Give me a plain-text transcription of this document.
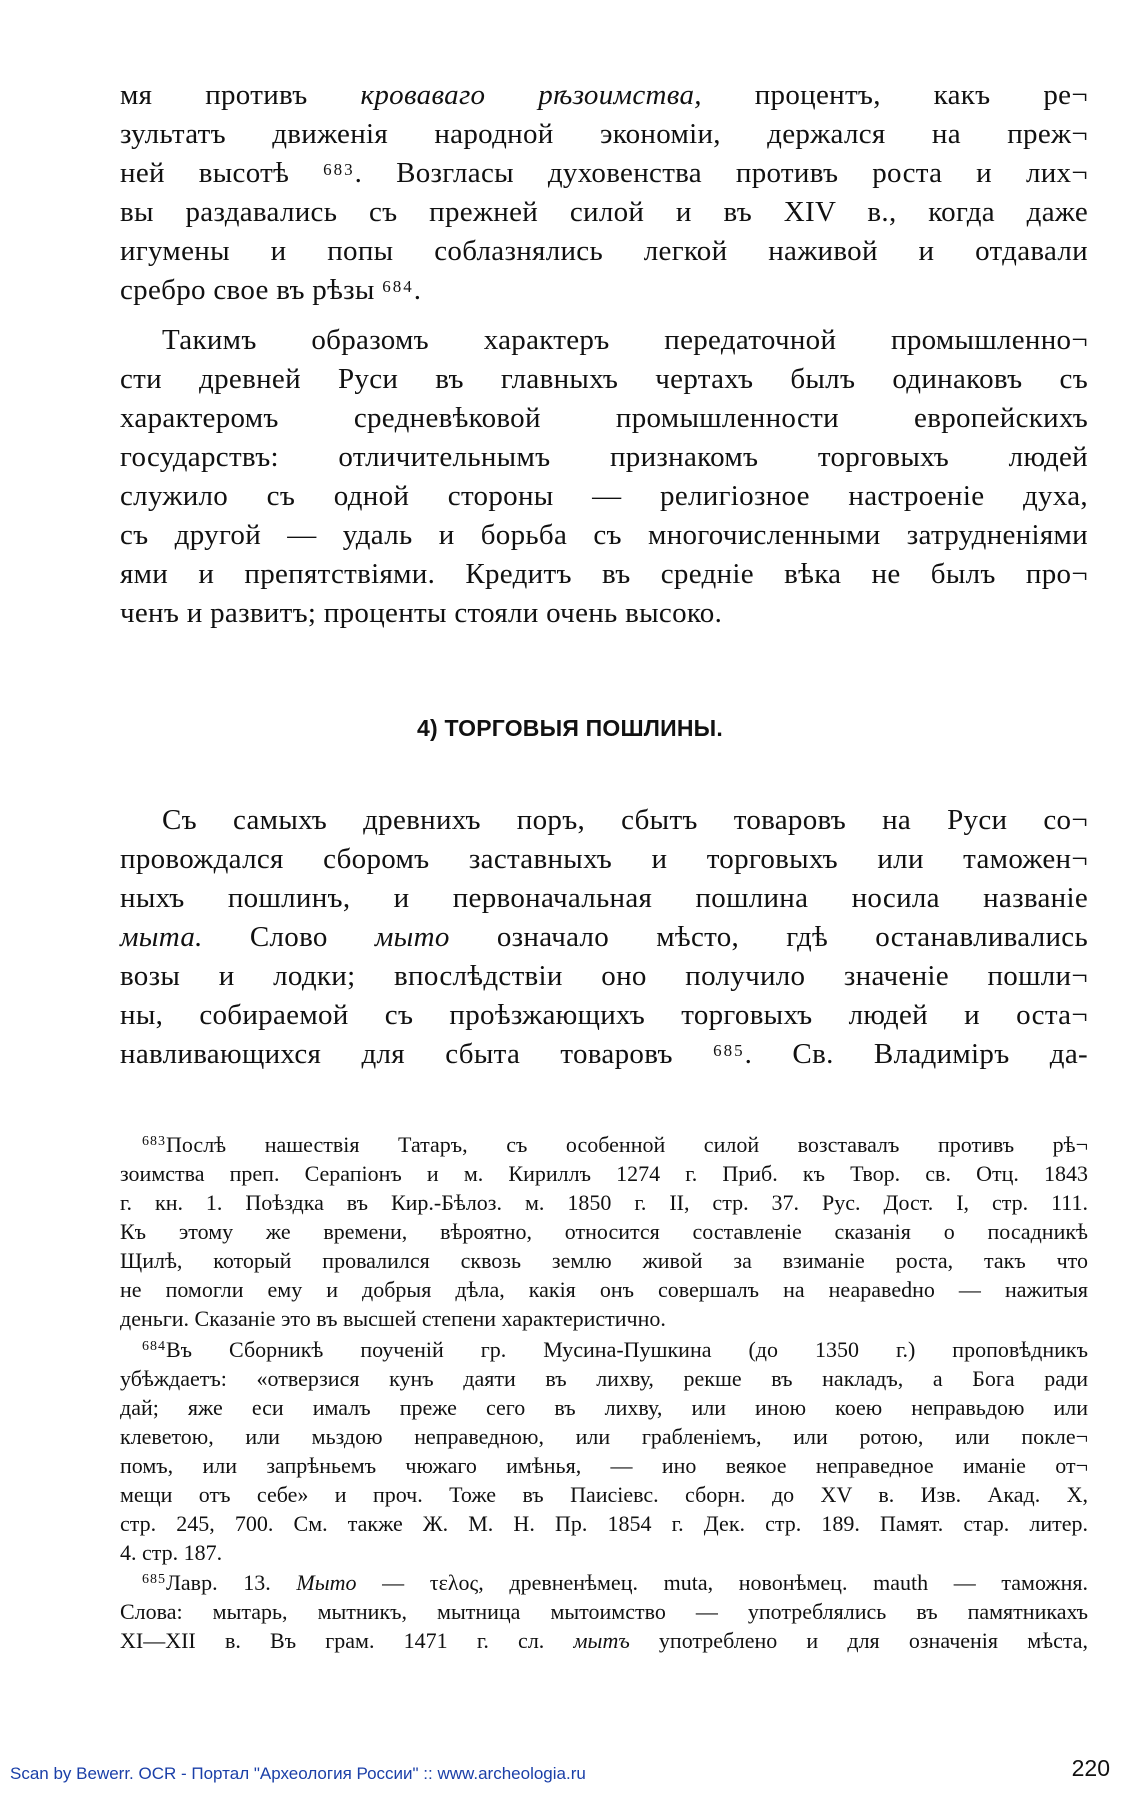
мя противъ кроваваго рѣзоимства, процентъ, какъ ре¬
зультатъ движенія народной экономіи, держался на преж¬
ней высотѣ $^{683}$. Возгласы духовенства противъ роста и лих¬
вы раздавались съ прежней силой и въ XIV в., когда даже
игумены и попы соблазнялись легкой наживой и отдавали
сребро свое въ рѣзы $^{684}$.
Такимъ образомъ характеръ передаточной промышленно¬
сти древней Руси въ главныхъ чертахъ былъ одинаковъ съ
характеромъ средневѣковой промышленности европейскихъ
государствъ: отличительнымъ признакомъ торговыхъ людей
служило съ одной стороны — религіозное настроеніе духа,
съ другой — удаль и борьба съ многочисленными затрудненіями
ями и препятствіями. Кредитъ въ средніе вѣка не былъ про¬
ченъ и развитъ; проценты стояли очень высоко.
4) ТОРГОВЫЯ ПОШЛИНЫ.
Съ самыхъ древнихъ поръ, сбытъ товаровъ на Руси со¬
провождался сборомъ заставныхъ и торговыхъ или таможен¬
ныхъ пошлинъ, и первоначальная пошлина носила названіе
мыта. Слово мыто означало мѣсто, гдѣ останавливались
возы и лодки; впослѣдствіи оно получило значеніе пошли¬
ны, собираемой съ проѣзжающихъ торговыхъ людей и оста¬
навливающихся для сбыта товаровъ $^{685}$. Св. Владиміръ да-
$^{683}$Послѣ нашествія Татаръ, съ особенной силой возставалъ противъ рѣ¬
зоимства преп. Серапіонъ и м. Кириллъ 1274 г. Приб. къ Твор. св. Отц. 1843
г. кн. 1. Поѣздка въ Кир.-Бѣлоз. м. 1850 г. II, стр. 37. Рус. Дост. I, стр. 111.
Къ этому же времени, вѣроятно, относится составленіе сказанія о посадникѣ
Щилѣ, который провалился сквозь землю живой за взиманіе роста, такъ что
не помогли ему и добрыя дѣла, какія онъ совершалъ на неаравedно — нажитыя
деньги. Сказаніе это въ высшей степени характеристично.
$^{684}$Въ Сборникѣ поученій гр. Мусина-Пушкина (до 1350 г.) проповѣдникъ
убѣждаетъ: «отверзися кунъ даяти въ лихву, рекше въ накладъ, а Бога ради
дай; яже еси ималъ преже сего въ лихву, или иною коею неправьдою или
клеветою, или мьздою неправедною, или грабленіемъ, или ротою, или покле¬
помъ, или запрѣньемъ чюжаго имѣнья, — ино веякое неправедное иманіе от¬
мещи отъ себе» и проч. Тоже въ Паисіевс. сборн. до XV в. Изв. Акад. X,
стр. 245, 700. См. также Ж. М. Н. Пр. 1854 г. Дек. стр. 189. Памят. стар. литер.
4. стр. 187.
$^{685}$Лавр. 13. Мыто — τελος, древненѣмец. muta, новонѣмец. mauth — таможня.
Слова: мытарь, мытникъ, мытница мытоимство — употреблялись въ памятникахъ
XI—XII в. Въ грам. 1471 г. сл. мытъ употреблено и для означенія мѣста,
Scan by Bewerr. OCR - Портал "Археология России" :: www.archeologia.ru	220
